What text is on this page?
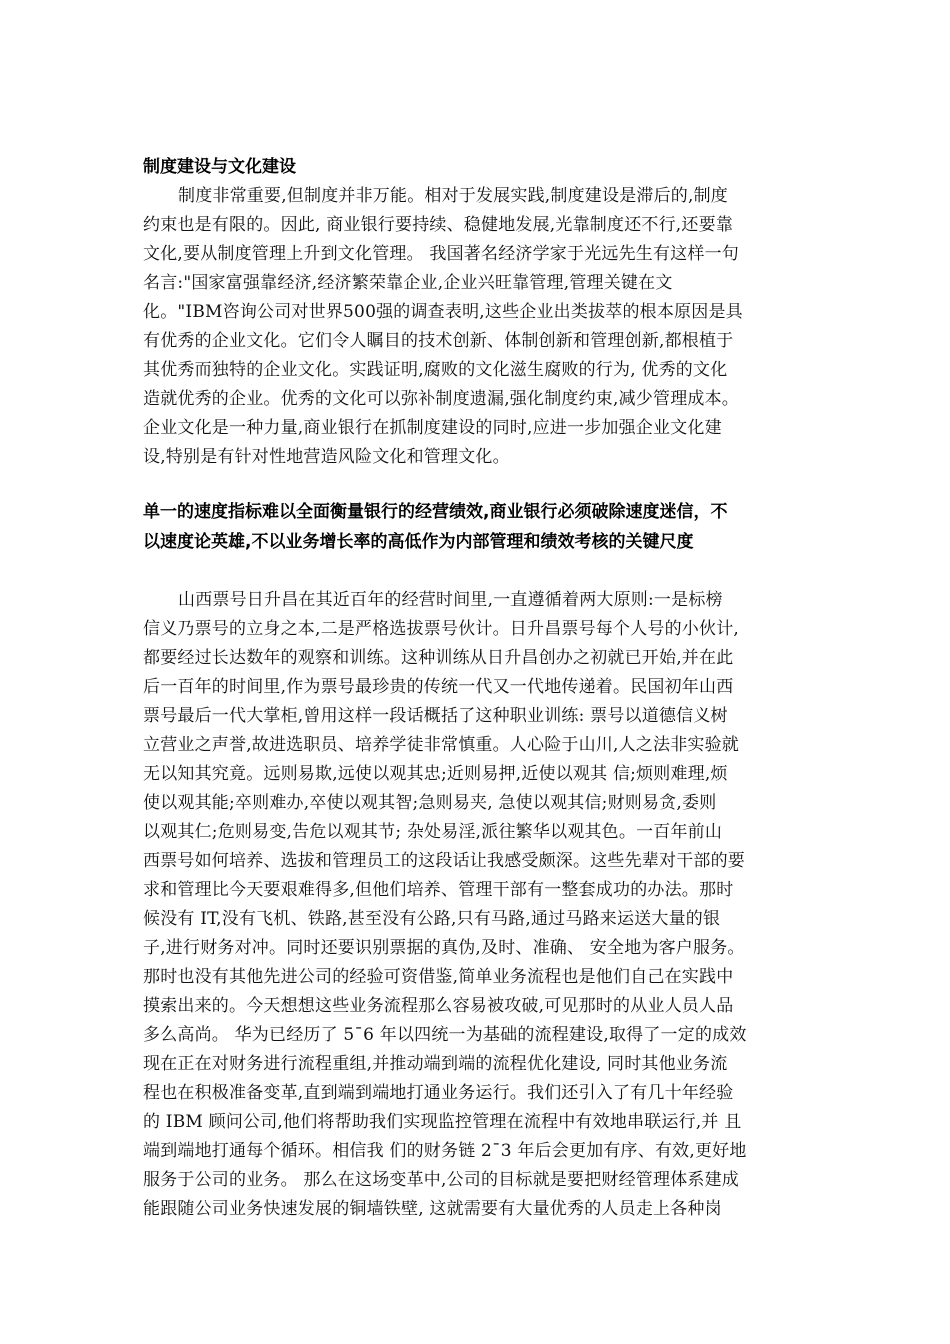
制度建设与文化建设
制度非常重要,但制度并非万能。相对于发展实践,制度建设是滞后的,制度
约束也是有限的。因此, 商业银行要持续、稳健地发展,光靠制度还不行,还要靠
文化,要从制度管理上升到文化管理。 我国著名经济学家于光远先生有这样一句
名言:"国家富强靠经济,经济繁荣靠企业,企业兴旺靠管理,管理关键在文
化。"IBM咨询公司对世界500强的调查表明,这些企业出类拔萃的根本原因是具
有优秀的企业文化。它们令人瞩目的技术创新、体制创新和管理创新,都根植于
其优秀而独特的企业文化。实践证明,腐败的文化滋生腐败的行为, 优秀的文化
造就优秀的企业。优秀的文化可以弥补制度遗漏,强化制度约束,减少管理成本。
企业文化是一种力量,商业银行在抓制度建设的同时,应进一步加强企业文化建
设,特别是有针对性地营造风险文化和管理文化。
单一的速度指标难以全面衡量银行的经营绩效,商业银行必须破除速度迷信，不
以速度论英雄,不以业务增长率的高低作为内部管理和绩效考核的关键尺度
山西票号日升昌在其近百年的经营时间里,一直遵循着两大原则:一是标榜
信义乃票号的立身之本,二是严格选拔票号伙计。日升昌票号每个人号的小伙计,
都要经过长达数年的观察和训练。这种训练从日升昌创办之初就已开始,并在此
后一百年的时间里,作为票号最珍贵的传统一代又一代地传递着。民国初年山西
票号最后一代大掌柜,曾用这样一段话概括了这种职业训练: 票号以道德信义树
立营业之声誉,故进选职员、培养学徒非常慎重。人心险于山川,人之法非实验就
无以知其究竟。远则易欺,远使以观其忠;近则易押,近使以观其 信;烦则难理,烦
使以观其能;卒则难办,卒使以观其智;急则易夹, 急使以观其信;财则易贪,委则
以观其仁;危则易变,告危以观其节; 杂处易淫,派往繁华以观其色。一百年前山
西票号如何培养、选拔和管理员工的这段话让我感受颇深。这些先辈对干部的要
求和管理比今天要艰难得多,但他们培养、管理干部有一整套成功的办法。那时
候没有 IT,没有飞机、铁路,甚至没有公路,只有马路,通过马路来运送大量的银
子,进行财务对冲。同时还要识别票据的真伪,及时、准确、 安全地为客户服务。
那时也没有其他先进公司的经验可资借鉴,简单业务流程也是他们自己在实践中
摸索出来的。今天想想这些业务流程那么容易被攻破,可见那时的从业人员人品
多么高尚。 华为已经历了 5¯6 年以四统一为基础的流程建设,取得了一定的成效
现在正在对财务进行流程重组,并推动端到端的流程优化建设, 同时其他业务流
程也在积极准备变革,直到端到端地打通业务运行。我们还引入了有几十年经验
的 IBM 顾问公司,他们将帮助我们实现监控管理在流程中有效地串联运行,并 且
端到端地打通每个循环。相信我 们的财务链 2¯3 年后会更加有序、有效,更好地
服务于公司的业务。 那么在这场变革中,公司的目标就是要把财经管理体系建成
能跟随公司业务快速发展的铜墙铁壁, 这就需要有大量优秀的人员走上各种岗
